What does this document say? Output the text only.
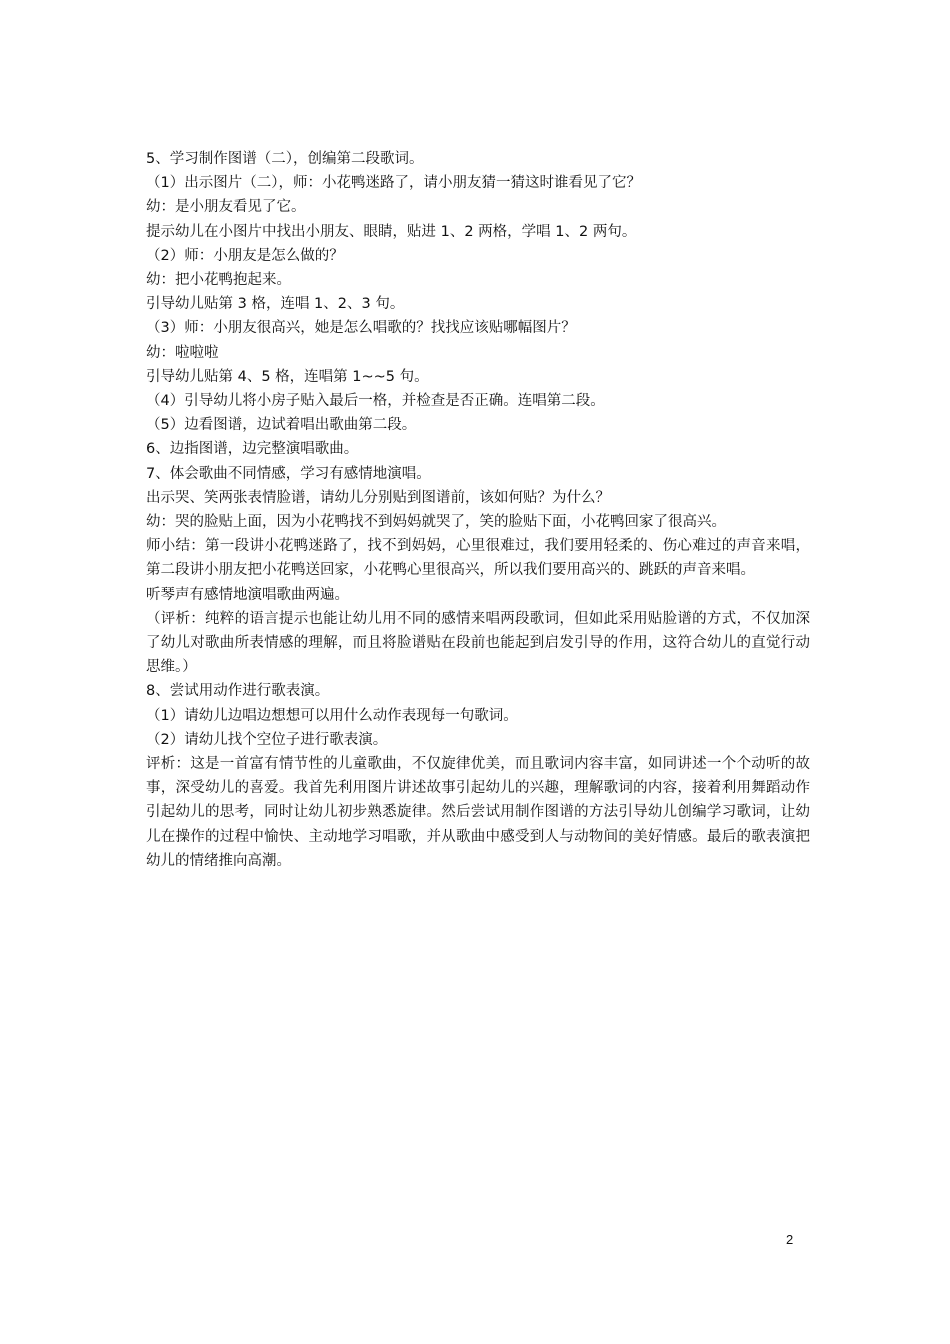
5、学习制作图谱（二），创编第二段歌词。

（1）出示图片（二），师：小花鸭迷路了，请小朋友猜一猜这时谁看见了它？

幼：是小朋友看见了它。

提示幼儿在小图片中找出小朋友、眼睛，贴进 1、2 两格，学唱 1、2 两句。

（2）师：小朋友是怎么做的？

幼：把小花鸭抱起来。

引导幼儿贴第 3 格，连唱 1、2、3 句。

（3）师：小朋友很高兴，她是怎么唱歌的？找找应该贴哪幅图片？

幼：啦啦啦

引导幼儿贴第 4、5 格，连唱第 1~~5 句。

（4）引导幼儿将小房子贴入最后一格，并检查是否正确。连唱第二段。

（5）边看图谱，边试着唱出歌曲第二段。

6、边指图谱，边完整演唱歌曲。

7、体会歌曲不同情感，学习有感情地演唱。

出示哭、笑两张表情脸谱，请幼儿分别贴到图谱前，该如何贴？为什么？

幼：哭的脸贴上面，因为小花鸭找不到妈妈就哭了，笑的脸贴下面，小花鸭回家了很高兴。

师小结：第一段讲小花鸭迷路了，找不到妈妈，心里很难过，我们要用轻柔的、伤心难过的声音来唱，第二段讲小朋友把小花鸭送回家，小花鸭心里很高兴，所以我们要用高兴的、跳跃的声音来唱。

听琴声有感情地演唱歌曲两遍。

（评析：纯粹的语言提示也能让幼儿用不同的感情来唱两段歌词，但如此采用贴脸谱的方式，不仅加深了幼儿对歌曲所表情感的理解，而且将脸谱贴在段前也能起到启发引导的作用，这符合幼儿的直觉行动思维。）

8、尝试用动作进行歌表演。

（1）请幼儿边唱边想想可以用什么动作表现每一句歌词。

（2）请幼儿找个空位子进行歌表演。

评析：这是一首富有情节性的儿童歌曲，不仅旋律优美，而且歌词内容丰富，如同讲述一个个动听的故事，深受幼儿的喜爱。我首先利用图片讲述故事引起幼儿的兴趣，理解歌词的内容，接着利用舞蹈动作引起幼儿的思考，同时让幼儿初步熟悉旋律。然后尝试用制作图谱的方法引导幼儿创编学习歌词，让幼儿在操作的过程中愉快、主动地学习唱歌，并从歌曲中感受到人与动物间的美好情感。最后的歌表演把幼儿的情绪推向高潮。

2
